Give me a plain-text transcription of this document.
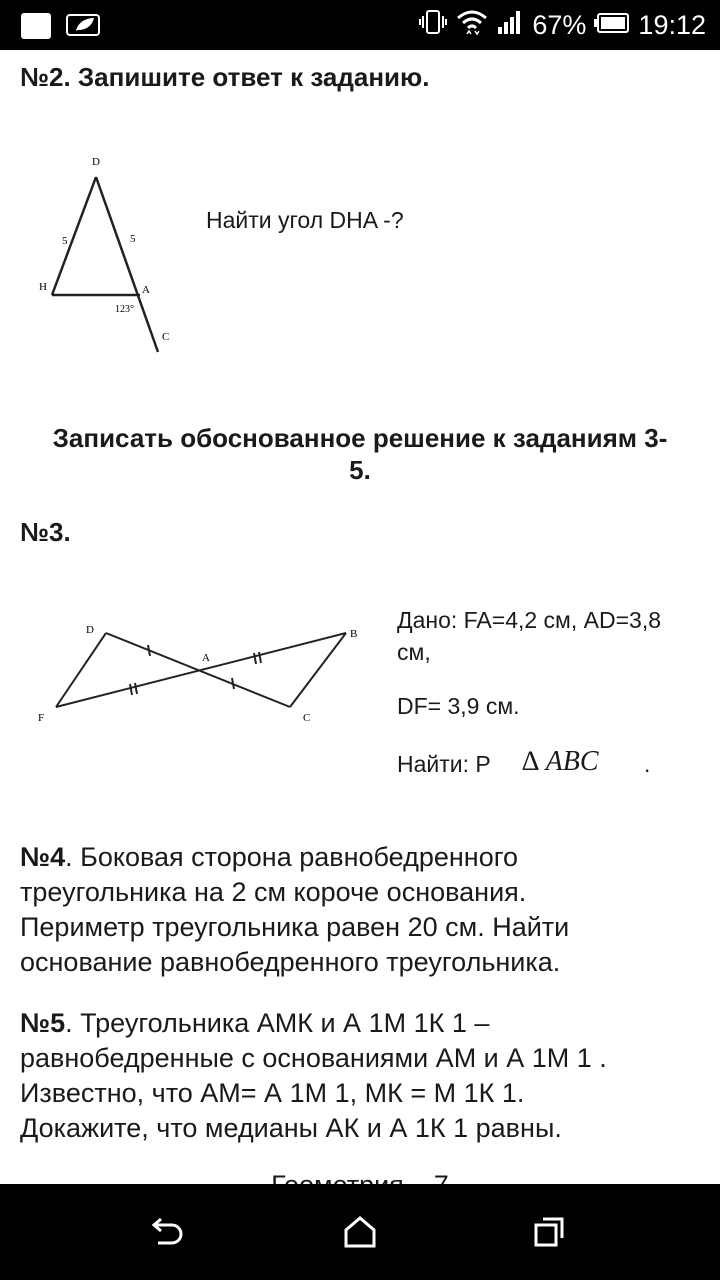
67% 19:12
№2. Запишите ответ к заданию.
D
H	A
C
5	5
123°
Найти угол DHA -?
Записать обоснованное решение к заданиям 3-
5.
№3.
D	B
A
F	C
Дано: FA=4,2 см, AD=3,8
см,
DF= 3,9 см.
Найти: Р ∆ ABC .
№4. Боковая сторона равнобедренного
треугольника на 2 см короче основания.
Периметр треугольника равен 20 см. Найти
основание равнобедренного треугольника.
№5. Треугольника АМК и А 1М 1К 1 –
равнобедренные с основаниями АМ и А 1М 1 .
Известно, что АМ= А 1М 1, МК = М 1К 1.
Докажите, что медианы АК и А 1К 1 равны.
